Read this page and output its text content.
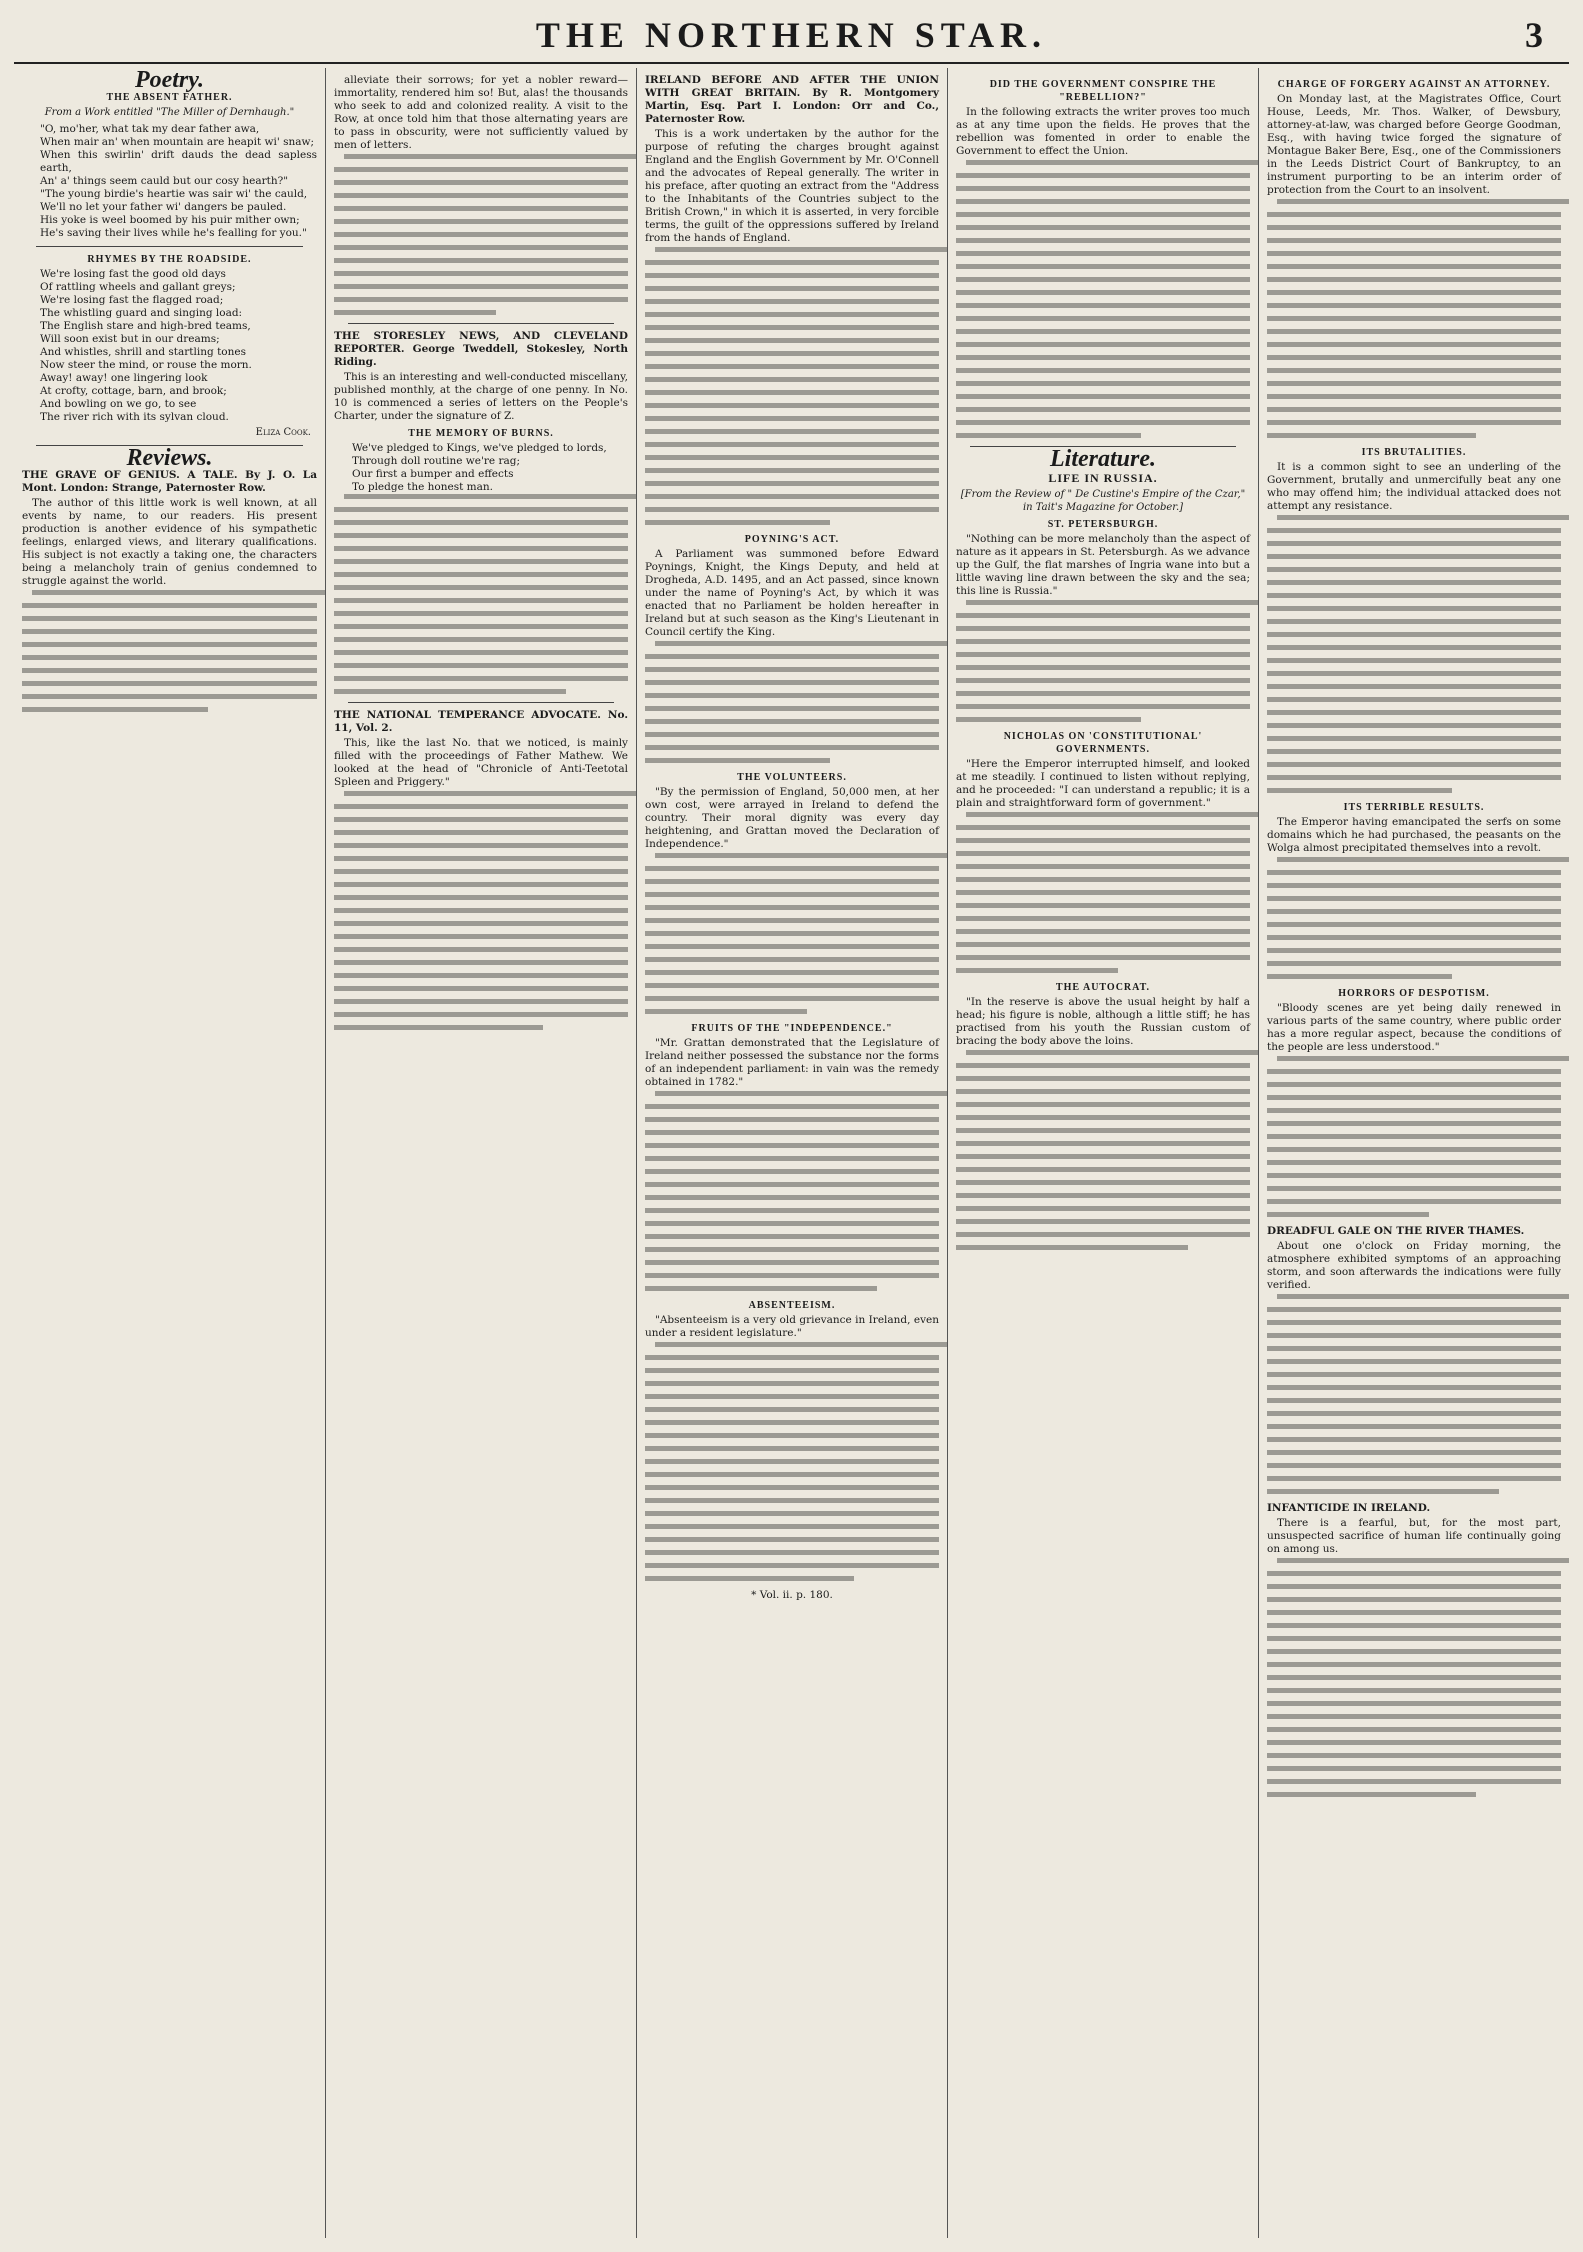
THE NORTHERN STAR.	3
Poetry.
THE ABSENT FATHER.
From a Work entitled "The Miller of Dernhaugh."
"O, mo'her, what tak my dear father awa,
When mair an' when mountain are heapit wi' snaw;
When this swirlin' drift dauds the dead sapless earth,
An' a' things seem cauld but our cosy hearth?"
"The young birdie's heartie was sair wi' the cauld,
We'll no let your father wi' dangers be pauled.
His yoke is weel boomed by his puir mither own;
He's saving their lives while he's fealling for you."
RHYMES BY THE ROADSIDE.
We're losing fast the good old days
Of rattling wheels and gallant greys;
We're losing fast the flagged road;
The whistling guard and singing load:
The English stare and high-bred teams,
Will soon exist but in our dreams;
And whistles, shrill and startling tones
Now steer the mind, or rouse the morn.
Away! away! one lingering look
At crofty, cottage, barn, and brook;
And bowling on we go, to see
The river rich with its sylvan cloud.
Eliza Cook.
Reviews.

THE GRAVE OF GENIUS. A TALE. By J. O. La Mont. London: Strange, Paternoster Row.

The author of this little work is well known, at all events by name, to our readers. His present production is another evidence of his sympathetic feelings, enlarged views, and literary qualifications. His subject is not exactly a taking one, the characters being a melancholy train of genius condemned to struggle against the world.

alleviate their sorrows; for yet a nobler reward— immortality, rendered him so! But, alas! the thousands who seek to add and colonized reality. A visit to the Row, at once told him that those alternating years are to pass in obscurity, were not sufficiently valued by men of letters.

THE STORESLEY NEWS, AND CLEVELAND REPORTER. George Tweddell, Stokesley, North Riding.

This is an interesting and well-conducted miscellany, published monthly, at the charge of one penny. In No. 10 is commenced a series of letters on the People's Charter, under the signature of Z.

THE MEMORY OF BURNS.
We've pledged to Kings, we've pledged to lords,
Through doll routine we're rag;
Our first a bumper and effects
To pledge the honest man.

THE NATIONAL TEMPERANCE ADVOCATE. No. 11, Vol. 2.

This, like the last No. that we noticed, is mainly filled with the proceedings of Father Mathew. We looked at the head of "Chronicle of Anti-Teetotal Spleen and Priggery."

IRELAND BEFORE AND AFTER THE UNION WITH GREAT BRITAIN. By R. Montgomery Martin, Esq. Part I. London: Orr and Co., Paternoster Row.

This is a work undertaken by the author for the purpose of refuting the charges brought against England and the English Government by Mr. O'Connell and the advocates of Repeal generally. The writer in his preface, after quoting an extract from the "Address to the Inhabitants of the Countries subject to the British Crown," in which it is asserted, in very forcible terms, the guilt of the oppressions suffered by Ireland from the hands of England.

POYNING'S ACT.

A Parliament was summoned before Edward Poynings, Knight, the Kings Deputy, and held at Drogheda, A.D. 1495, and an Act passed, since known under the name of Poyning's Act, by which it was enacted that no Parliament be holden hereafter in Ireland but at such season as the King's Lieutenant in Council certify the King.

THE VOLUNTEERS.

"By the permission of England, 50,000 men, at her own cost, were arrayed in Ireland to defend the country. Their moral dignity was every day heightening, and Grattan moved the Declaration of Independence."

FRUITS OF THE "INDEPENDENCE."

"Mr. Grattan demonstrated that the Legislature of Ireland neither possessed the substance nor the forms of an independent parliament: in vain was the remedy obtained in 1782."

ABSENTEEISM.

"Absenteeism is a very old grievance in Ireland, even under a resident legislature."

* Vol. ii. p. 180.

DID THE GOVERNMENT CONSPIRE THE "REBELLION?"

In the following extracts the writer proves too much as at any time upon the fields. He proves that the rebellion was fomented in order to enable the Government to effect the Union.

Literature.
LIFE IN RUSSIA.
[From the Review of " De Custine's Empire of the Czar," in Tait's Magazine for October.]
ST. PETERSBURGH.

"Nothing can be more melancholy than the aspect of nature as it appears in St. Petersburgh. As we advance up the Gulf, the flat marshes of Ingria wane into but a little waving line drawn between the sky and the sea; this line is Russia."

NICHOLAS ON 'CONSTITUTIONAL' GOVERNMENTS.

"Here the Emperor interrupted himself, and looked at me steadily. I continued to listen without replying, and he proceeded: "I can understand a republic; it is a plain and straightforward form of government."

THE AUTOCRAT.

"In the reserve is above the usual height by half a head; his figure is noble, although a little stiff; he has practised from his youth the Russian custom of bracing the body above the loins.

CHARGE OF FORGERY AGAINST AN ATTORNEY.

On Monday last, at the Magistrates Office, Court House, Leeds, Mr. Thos. Walker, of Dewsbury, attorney-at-law, was charged before George Goodman, Esq., with having twice forged the signature of Montague Baker Bere, Esq., one of the Commissioners in the Leeds District Court of Bankruptcy, to an instrument purporting to be an interim order of protection from the Court to an insolvent.

ITS BRUTALITIES.

It is a common sight to see an underling of the Government, brutally and unmercifully beat any one who may offend him; the individual attacked does not attempt any resistance.

ITS TERRIBLE RESULTS.

The Emperor having emancipated the serfs on some domains which he had purchased, the peasants on the Wolga almost precipitated themselves into a revolt.

HORRORS OF DESPOTISM.

"Bloody scenes are yet being daily renewed in various parts of the same country, where public order has a more regular aspect, because the conditions of the people are less understood."

DREADFUL GALE ON THE RIVER THAMES.

About one o'clock on Friday morning, the atmosphere exhibited symptoms of an approaching storm, and soon afterwards the indications were fully verified.

INFANTICIDE IN IRELAND.

There is a fearful, but, for the most part, unsuspected sacrifice of human life continually going on among us.
